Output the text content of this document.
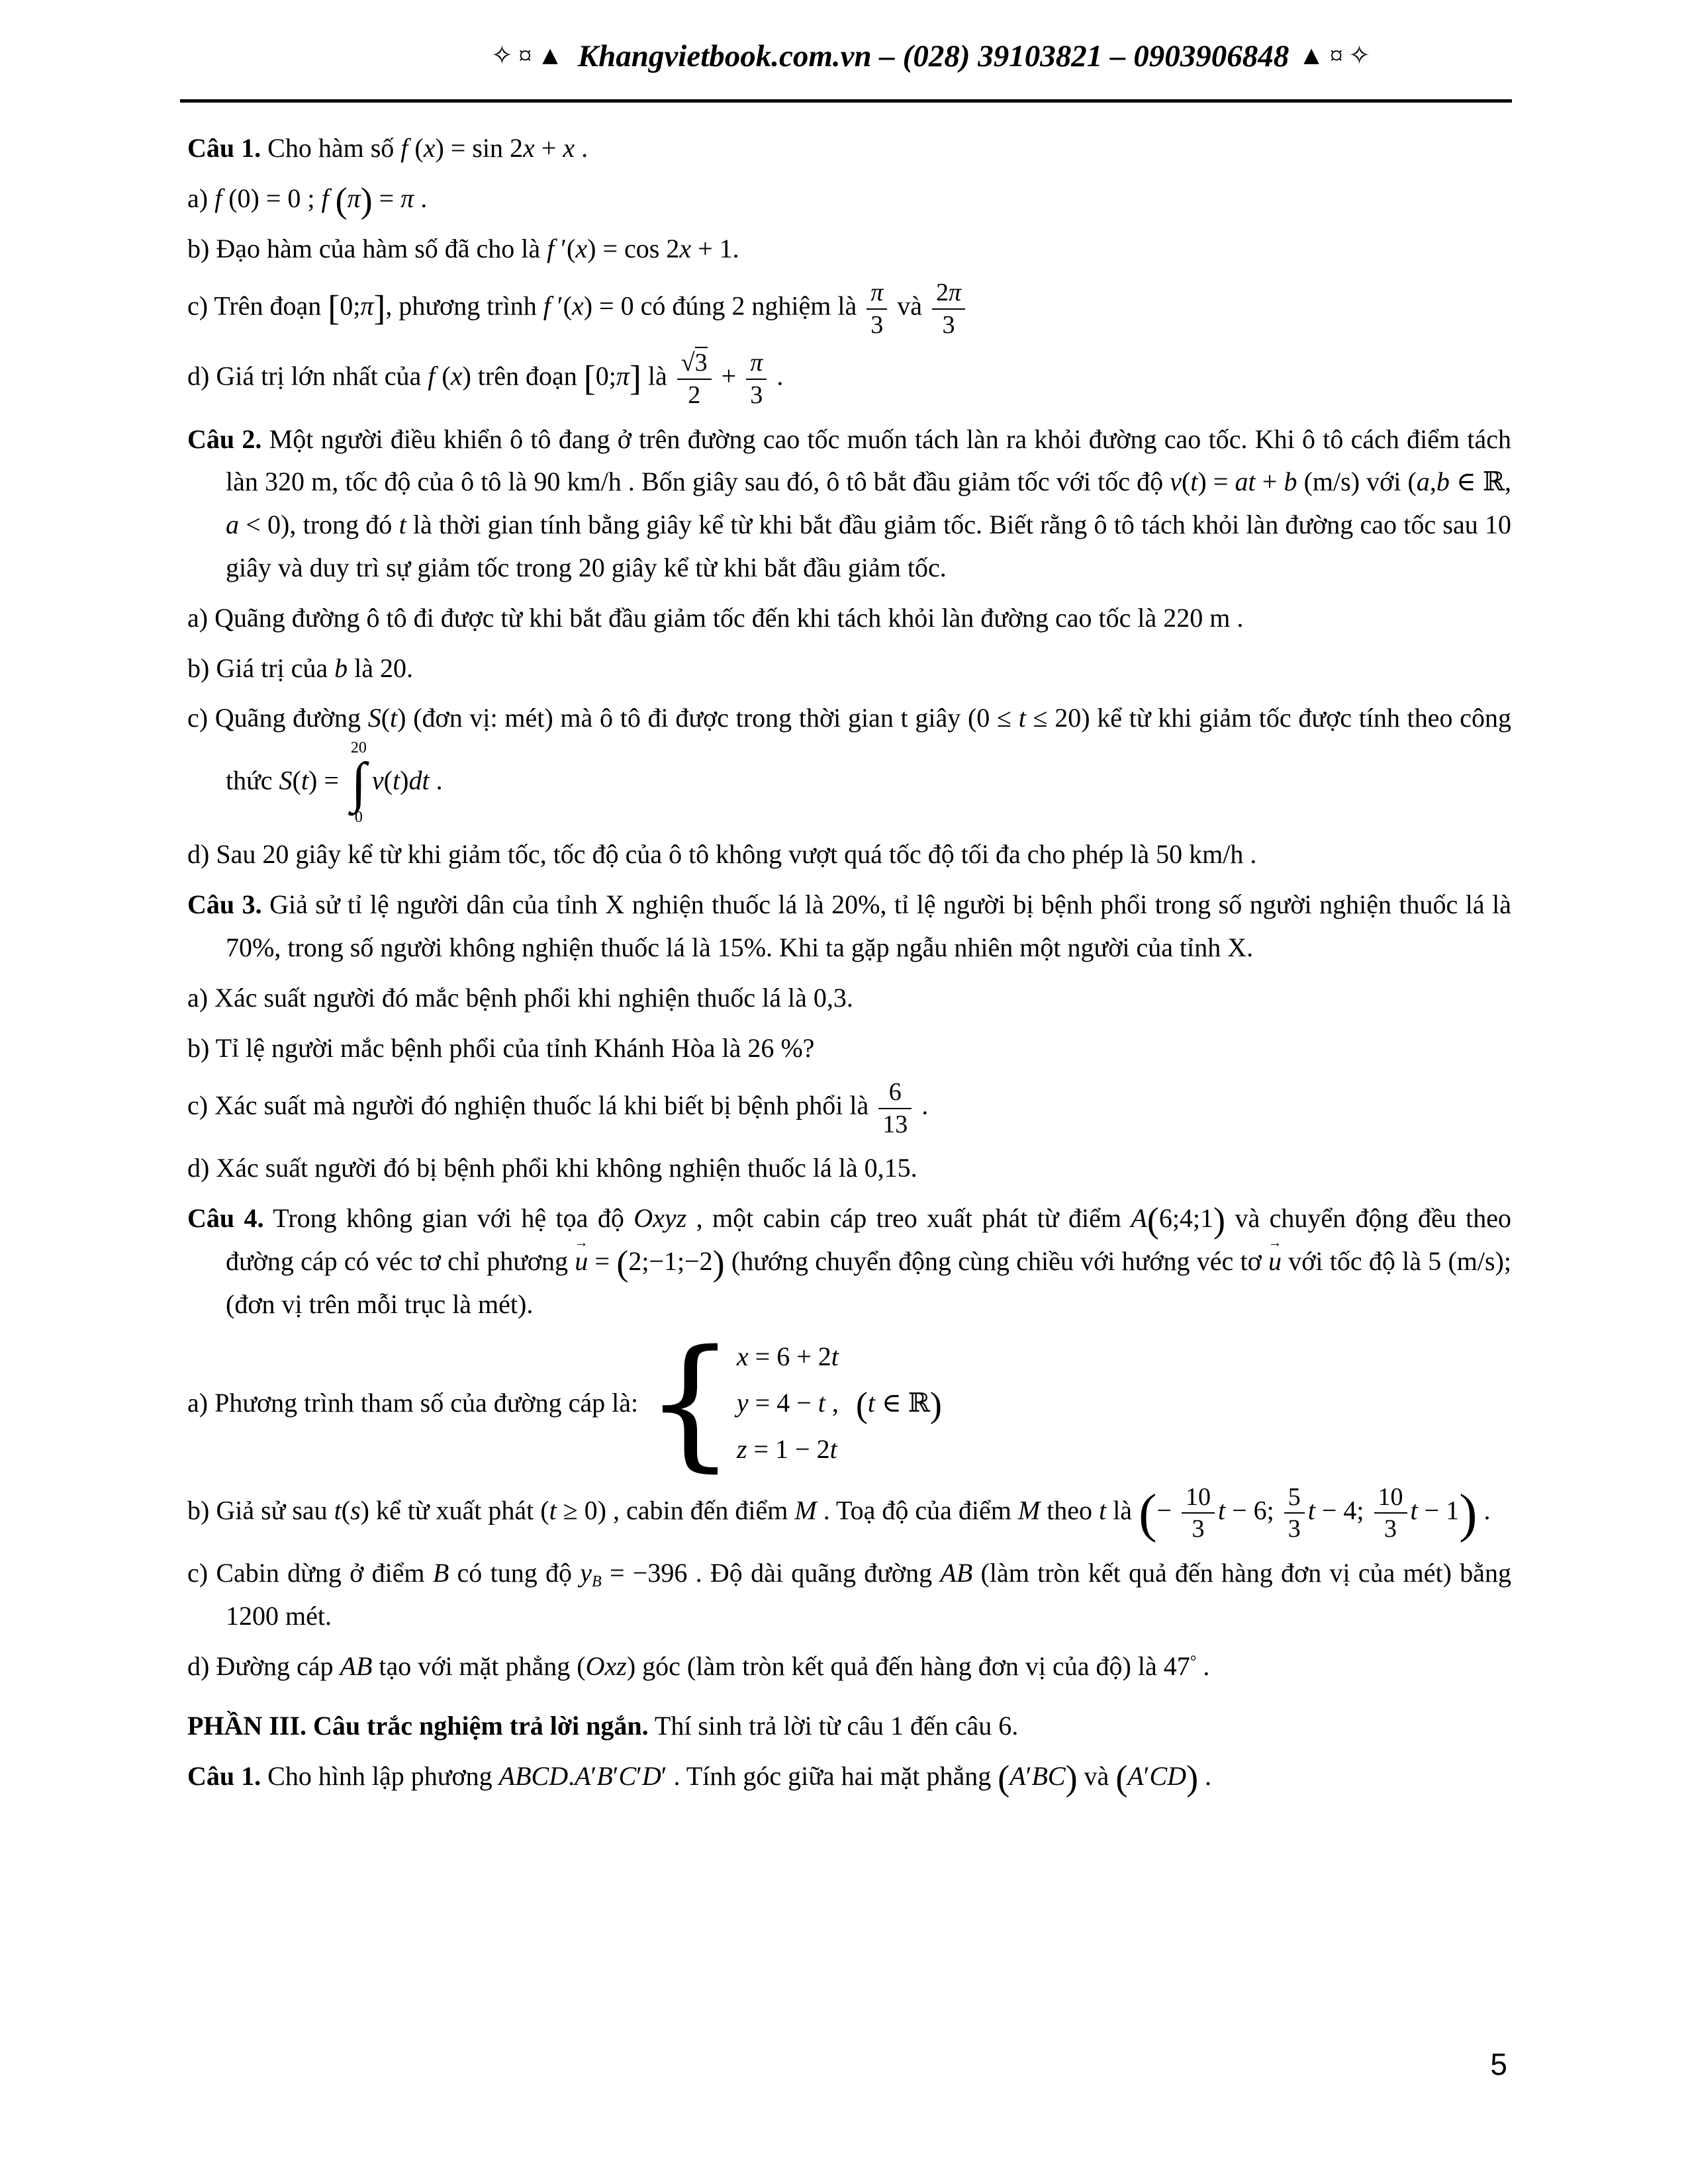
✧¤▲ Khangvietbook.com.vn – (028) 39103821 – 0903906848 ▲¤✧

Câu 1. Cho hàm số f (x) = sin 2x + x .

a) f (0) = 0 ; f (π) = π .

b) Đạo hàm của hàm số đã cho là f ′(x) = cos 2x + 1.

c) Trên đoạn [0;π], phương trình f ′(x) = 0 có đúng 2 nghiệm là $\frac{\pi}{3}$ và $\frac{2\pi}{3}$

d) Giá trị lớn nhất của f (x) trên đoạn [0;π] là $\frac{√3}{2} + \frac{\pi}{3}$ .

Câu 2. Một người điều khiển ô tô đang ở trên đường cao tốc muốn tách làn ra khỏi đường cao tốc. Khi ô tô cách điểm tách làn 320 m, tốc độ của ô tô là 90 km/h . Bốn giây sau đó, ô tô bắt đầu giảm tốc với tốc độ v(t) = at + b (m/s) với (a,b ∈ ℝ, a < 0), trong đó t là thời gian tính bằng giây kể từ khi bắt đầu giảm tốc. Biết rằng ô tô tách khỏi làn đường cao tốc sau 10 giây và duy trì sự giảm tốc trong 20 giây kể từ khi bắt đầu giảm tốc.

a) Quãng đường ô tô đi được từ khi bắt đầu giảm tốc đến khi tách khỏi làn đường cao tốc là 220 m .

b) Giá trị của b là 20.

c) Quãng đường S(t) (đơn vị: mét) mà ô tô đi được trong thời gian t giây (0 ≤ t ≤ 20) kể từ khi giảm tốc được tính theo công thức S(t) =
20
∫
0
v(t)dt .

d) Sau 20 giây kể từ khi giảm tốc, tốc độ của ô tô không vượt quá tốc độ tối đa cho phép là 50 km/h .

Câu 3. Giả sử tỉ lệ người dân của tỉnh X nghiện thuốc lá là 20%, tỉ lệ người bị bệnh phổi trong số người nghiện thuốc lá là 70%, trong số người không nghiện thuốc lá là 15%. Khi ta gặp ngẫu nhiên một người của tỉnh X.

a) Xác suất người đó mắc bệnh phổi khi nghiện thuốc lá là 0,3.

b) Tỉ lệ người mắc bệnh phổi của tỉnh Khánh Hòa là 26 %?

c) Xác suất mà người đó nghiện thuốc lá khi biết bị bệnh phổi là $\frac{6}{13}$ .

d) Xác suất người đó bị bệnh phổi khi không nghiện thuốc lá là 0,15.

Câu 4. Trong không gian với hệ tọa độ Oxyz , một cabin cáp treo xuất phát từ điểm A(6;4;1) và chuyển động đều theo đường cáp có véc tơ chỉ phương → u = (2;−1;−2) (hướng chuyển động cùng chiều với hướng véc tơ → u với tốc độ là 5 (m/s); (đơn vị trên mỗi trục là mét).

a) Phương trình tham số của đường cáp là: { x = 6 + 2t
y = 4 − t ,
z = 1 − 2t
(t ∈ ℝ)

b) Giả sử sau t(s) kể từ xuất phát (t ≥ 0) , cabin đến điểm M . Toạ độ của điểm M theo t là (− $\frac{10}{3}$ t − 6; $\frac{5}{3}$ t − 4; $\frac{10}{3}$ t − 1) .

c) Cabin dừng ở điểm B có tung độ $y_B = -396$ . Độ dài quãng đường AB (làm tròn kết quả đến hàng đơn vị của mét) bằng 1200 mét.

d) Đường cáp AB tạo với mặt phẳng (Oxz) góc (làm tròn kết quả đến hàng đơn vị của độ) là 47° .

PHẦN III. Câu trắc nghiệm trả lời ngắn. Thí sinh trả lời từ câu 1 đến câu 6.

Câu 1. Cho hình lập phương ABCD.A′B′C′D′ . Tính góc giữa hai mặt phẳng (A′BC) và (A′CD) .

5
